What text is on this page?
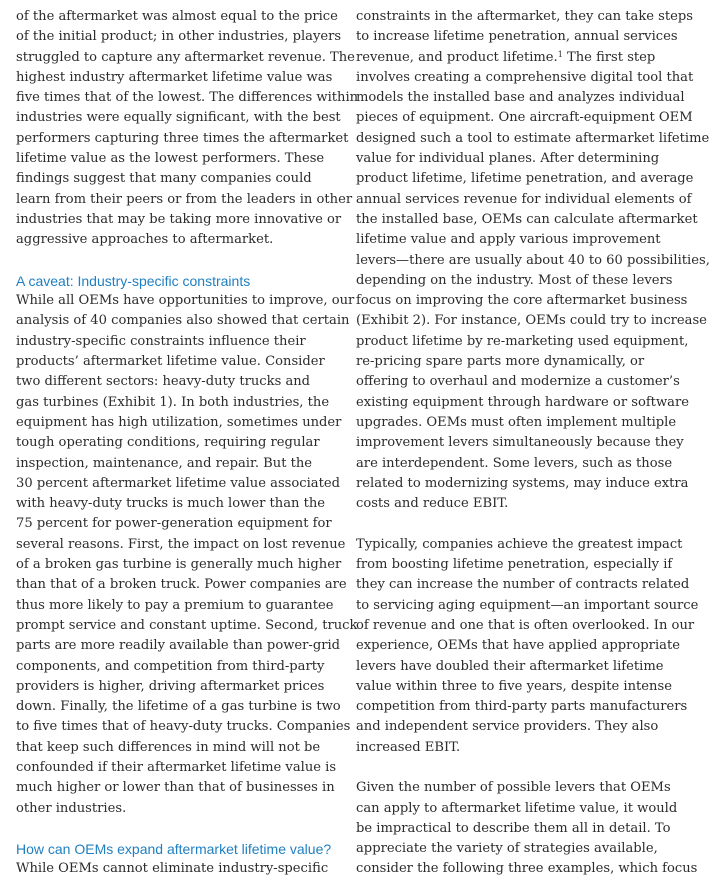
of the aftermarket was almost equal to the price
of the initial product; in other industries, players
struggled to capture any aftermarket revenue. The
highest industry aftermarket lifetime value was
five times that of the lowest. The differences within
industries were equally significant, with the best
performers capturing three times the aftermarket
lifetime value as the lowest performers. These
findings suggest that many companies could
learn from their peers or from the leaders in other
industries that may be taking more innovative or
aggressive approaches to aftermarket.
A caveat: Industry-specific constraints
While all OEMs have opportunities to improve, our
analysis of 40 companies also showed that certain
industry-specific constraints influence their
products’ aftermarket lifetime value. Consider
two different sectors: heavy-duty trucks and
gas turbines (Exhibit 1). In both industries, the
equipment has high utilization, sometimes under
tough operating conditions, requiring regular
inspection, maintenance, and repair. But the
30 percent aftermarket lifetime value associated
with heavy-duty trucks is much lower than the
75 percent for power-generation equipment for
several reasons. First, the impact on lost revenue
of a broken gas turbine is generally much higher
than that of a broken truck. Power companies are
thus more likely to pay a premium to guarantee
prompt service and constant uptime. Second, truck
parts are more readily available than power-grid
components, and competition from third-party
providers is higher, driving aftermarket prices
down. Finally, the lifetime of a gas turbine is two
to five times that of heavy-duty trucks. Companies
that keep such differences in mind will not be
confounded if their aftermarket lifetime value is
much higher or lower than that of businesses in
other industries.
How can OEMs expand aftermarket lifetime value?
While OEMs cannot eliminate industry-specific
constraints in the aftermarket, they can take steps
to increase lifetime penetration, annual services
revenue, and product lifetime.$^1$ The first step
involves creating a comprehensive digital tool that
models the installed base and analyzes individual
pieces of equipment. One aircraft-equipment OEM
designed such a tool to estimate aftermarket lifetime
value for individual planes. After determining
product lifetime, lifetime penetration, and average
annual services revenue for individual elements of
the installed base, OEMs can calculate aftermarket
lifetime value and apply various improvement
levers—there are usually about 40 to 60 possibilities,
depending on the industry. Most of these levers
focus on improving the core aftermarket business
(Exhibit 2). For instance, OEMs could try to increase
product lifetime by re-marketing used equipment,
re-pricing spare parts more dynamically, or
offering to overhaul and modernize a customer’s
existing equipment through hardware or software
upgrades. OEMs must often implement multiple
improvement levers simultaneously because they
are interdependent. Some levers, such as those
related to modernizing systems, may induce extra
costs and reduce EBIT.
Typically, companies achieve the greatest impact
from boosting lifetime penetration, especially if
they can increase the number of contracts related
to servicing aging equipment—an important source
of revenue and one that is often overlooked. In our
experience, OEMs that have applied appropriate
levers have doubled their aftermarket lifetime
value within three to five years, despite intense
competition from third-party parts manufacturers
and independent service providers. They also
increased EBIT.
Given the number of possible levers that OEMs
can apply to aftermarket lifetime value, it would
be impractical to describe them all in detail. To
appreciate the variety of strategies available,
consider the following three examples, which focus
